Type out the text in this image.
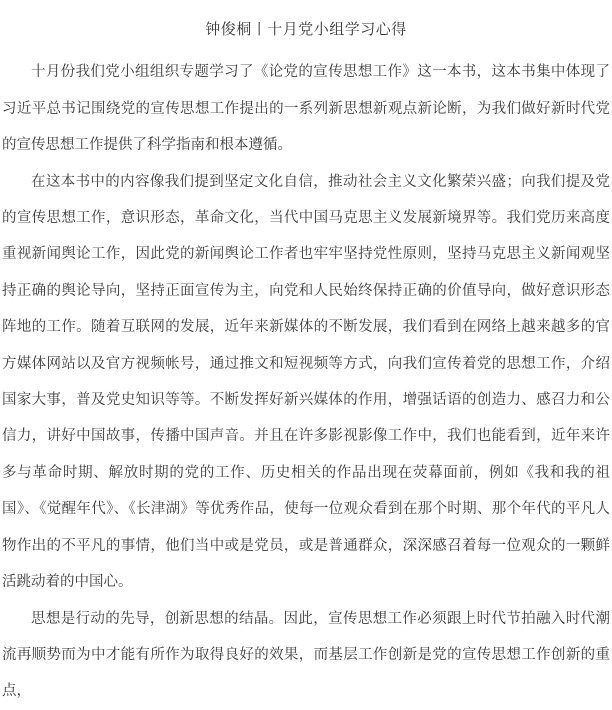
钟俊桐丨十月党小组学习心得

十月份我们党小组组织专题学习了《论党的宣传思想工作》这一本书，这本书集中体现了习近平总书记围绕党的宣传思想工作提出的一系列新思想新观点新论断，为我们做好新时代党的宣传思想工作提供了科学指南和根本遵循。

在这本书中的内容像我们提到坚定文化自信，推动社会主义文化繁荣兴盛；向我们提及党的宣传思想工作，意识形态，革命文化，当代中国马克思主义发展新境界等。我们党历来高度重视新闻舆论工作，因此党的新闻舆论工作者也牢牢坚持党性原则，坚持马克思主义新闻观坚持正确的舆论导向，坚持正面宣传为主，向党和人民始终保持正确的价值导向，做好意识形态阵地的工作。随着互联网的发展，近年来新媒体的不断发展，我们看到在网络上越来越多的官方媒体网站以及官方视频帐号，通过推文和短视频等方式，向我们宣传着党的思想工作，介绍国家大事，普及党史知识等等。不断发挥好新兴媒体的作用，增强话语的创造力、感召力和公信力，讲好中国故事，传播中国声音。并且在许多影视影像工作中，我们也能看到，近年来许多与革命时期、解放时期的党的工作、历史相关的作品出现在荧幕面前，例如《我和我的祖国》、《觉醒年代》、《长津湖》等优秀作品，使每一位观众看到在那个时期、那个年代的平凡人物作出的不平凡的事情，他们当中或是党员，或是普通群众，深深感召着每一位观众的一颗鲜活跳动着的中国心。

思想是行动的先导，创新思想的结晶。因此，宣传思想工作必须跟上时代节拍融入时代潮流再顺势而为中才能有所作为取得良好的效果，而基层工作创新是党的宣传思想工作创新的重点，
